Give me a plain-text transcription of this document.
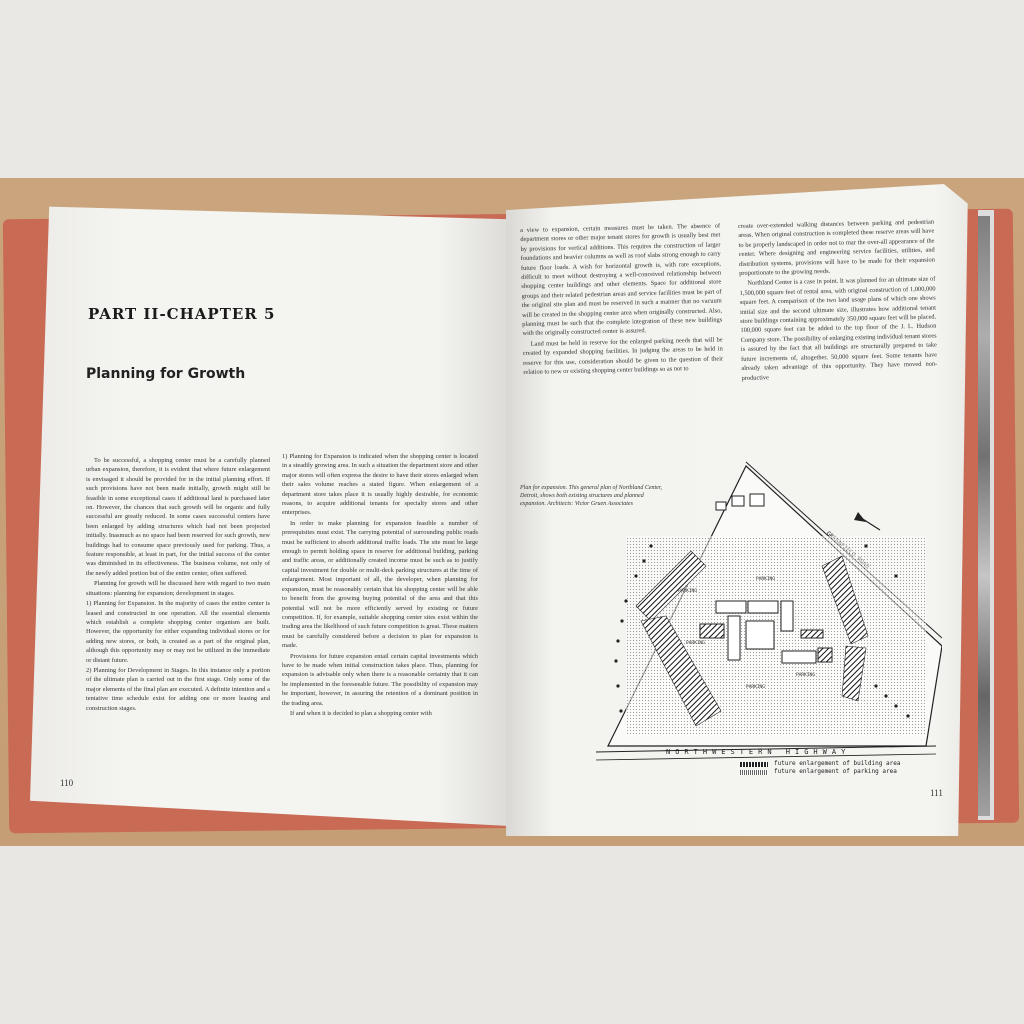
PART II-CHAPTER 5
Planning for Growth

To be successful, a shopping center must be a carefully planned urban expansion, therefore, it is evident that where future enlargement is envisaged it should be provided for in the initial planning effort. If such provisions have not been made initially, growth might still be feasible in some exceptional cases if additional land is purchased later on. However, the chances that such growth will be organic and fully successful are greatly reduced. In some cases successful centers have been enlarged by adding structures which had not been projected initially. Inasmuch as no space had been reserved for such growth, new buildings had to consume space previously used for parking. Thus, a feature responsible, at least in part, for the initial success of the center was diminished in its effectiveness. The business volume, not only of the newly added portion but of the entire center, often suffered.

Planning for growth will be discussed here with regard to two main situations: planning for expansion; development in stages.

1) Planning for Expansion. In the majority of cases the entire center is leased and constructed in one operation. All the essential elements which establish a complete shopping center organism are built. However, the opportunity for either expanding individual stores or for adding new stores, or both, is created as a part of the original plan, although this opportunity may or may not be utilized in the immediate or distant future.

2) Planning for Development in Stages. In this instance only a portion of the ultimate plan is carried out in the first stage. Only some of the major elements of the final plan are executed. A definite intention and a tentative time schedule exist for adding one or more leasing and construction stages.

1) Planning for Expansion is indicated when the shopping center is located in a steadily growing area. In such a situation the department store and other major stores will often express the desire to have their stores enlarged when their sales volume reaches a stated figure. When enlargement of a department store takes place it is usually highly desirable, for economic reasons, to acquire additional tenants for specialty stores and other enterprises.

In order to make planning for expansion feasible a number of prerequisites must exist. The carrying potential of surrounding public roads must be sufficient to absorb additional traffic loads. The site must be large enough to permit holding space in reserve for additional building, parking and traffic areas, or additionally created income must be such as to justify capital investment for double or multi-deck parking structures at the time of enlargement. Most important of all, the developer, when planning for expansion, must be reasonably certain that his shopping center will be able to benefit from the growing buying potential of the area and that this potential will not be more efficiently served by existing or future competition. If, for example, suitable shopping center sites exist within the trading area the likelihood of such future competition is great. These matters must be carefully considered before a decision to plan for expansion is made.

Provisions for future expansion entail certain capital investments which have to be made when initial construction takes place. Thus, planning for expansion is advisable only when there is a reasonable certainty that it can be implemented in the foreseeable future. The possibility of expansion may be important, however, in assuring the retention of a dominant position in the trading area.

If and when it is decided to plan a shopping center with

110

a view to expansion, certain measures must be taken. The absence of department stores or other major tenant stores for growth is usually best met by provisions for vertical additions. This requires the construction of larger foundations and heavier columns as well as roof slabs strong enough to carry future floor loads. A wish for horizontal growth is, with rare exceptions, difficult to meet without destroying a well-conceived relationship between shopping center buildings and other elements. Space for additional store groups and their related pedestrian areas and service facilities must be part of the original site plan and must be reserved in such a manner that no vacuum will be created in the shopping center area when originally constructed. Also, planning must be such that the complete integration of these new buildings with the originally constructed center is assured.

Land must be held in reserve for the enlarged parking needs that will be created by expanded shopping facilities. In judging the areas to be held in reserve for this use, consideration should be given to the question of their relation to new or existing shopping center buildings so as not to

create over-extended walking distances between parking and pedestrian areas. When original construction is completed these reserve areas will have to be properly landscaped in order not to mar the over-all appearance of the center. Where designing and engineering service facilities, utilities, and distribution systems, provisions will have to be made for their expansion proportionate to the growing needs.

Northland Center is a case in point. It was planned for an ultimate size of 1,500,000 square feet of rental area, with original construction of 1,000,000 square feet. A comparison of the two land usage plans of which one shows initial size and the second ultimate size, illustrates how additional tenant store buildings containing approximately 350,000 square feet will be placed. 100,000 square feet can be added to the top floor of the J. L. Hudson Company store. The possibility of enlarging existing individual tenant stores is assured by the fact that all buildings are structurally prepared to take future increments of, altogether, 50,000 square feet. Some tenants have already taken advantage of this opportunity. They have moved non-productive

Plan for expansion. This general plan of Northland Center, Detroit, shows both existing structures and planned expansion. Architects: Victor Gruen Associates
NORTHWESTERN HIGHWAY
PARKING
PARKING
PARKING
PARKING
PARKING
future enlargement of building area
future enlargement of parking area
111
